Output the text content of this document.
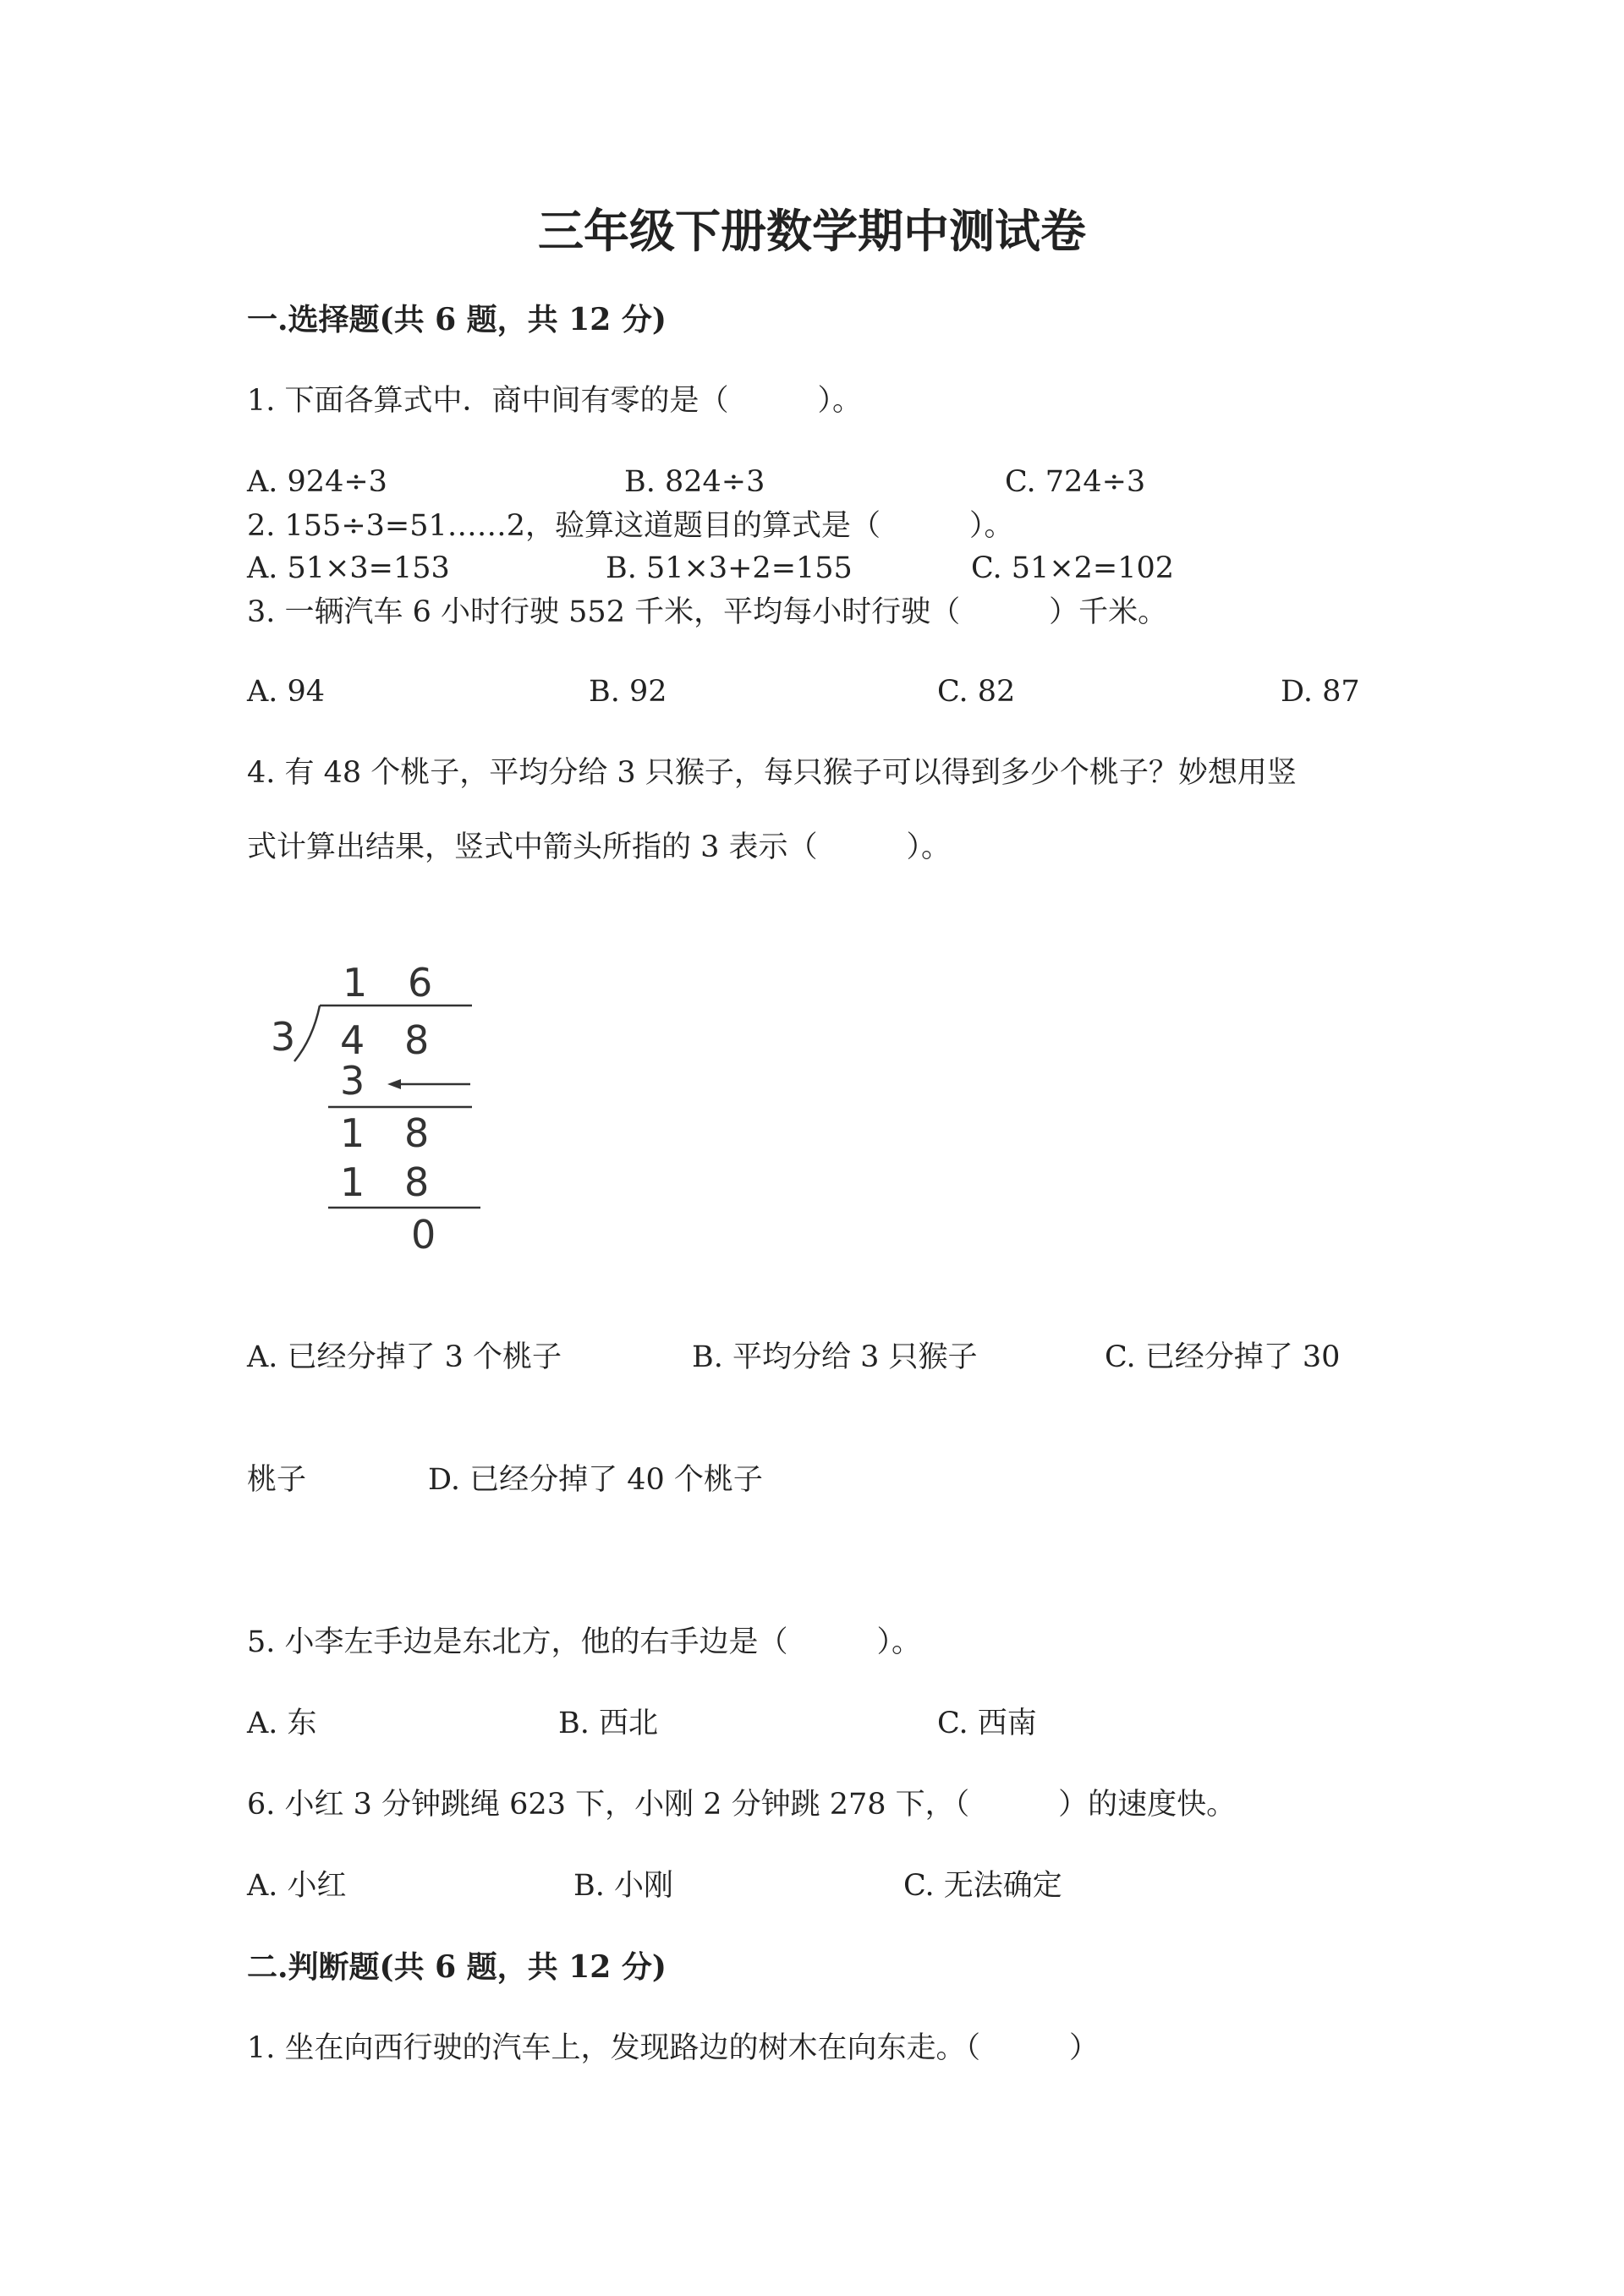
三年级下册数学期中测试卷
一.选择题(共 6 题，共 12 分)
1. 下面各算式中．商中间有零的是（　　　）。
A. 924÷3	B. 824÷3	C. 724÷3
2. 155÷3=51……2，验算这道题目的算式是（　　　）。
A. 51×3=153	B. 51×3+2=155	C. 51×2=102
3. 一辆汽车 6 小时行驶 552 千米，平均每小时行驶（　　　）千米。
A. 94	B. 92	C. 82	D. 87
4. 有 48 个桃子，平均分给 3 只猴子，每只猴子可以得到多少个桃子？妙想用竖
式计算出结果，竖式中箭头所指的 3 表示（　　　）。
1 6
3 4 8
3
1 8
1 8
0
A. 已经分掉了 3 个桃子	B. 平均分给 3 只猴子	C. 已经分掉了 30
桃子	D. 已经分掉了 40 个桃子
5. 小李左手边是东北方，他的右手边是（　　　）。
A. 东	B. 西北	C. 西南
6. 小红 3 分钟跳绳 623 下，小刚 2 分钟跳 278 下，（　　　）的速度快。
A. 小红	B. 小刚	C. 无法确定
二.判断题(共 6 题，共 12 分)
1. 坐在向西行驶的汽车上，发现路边的树木在向东走。（　　　）
